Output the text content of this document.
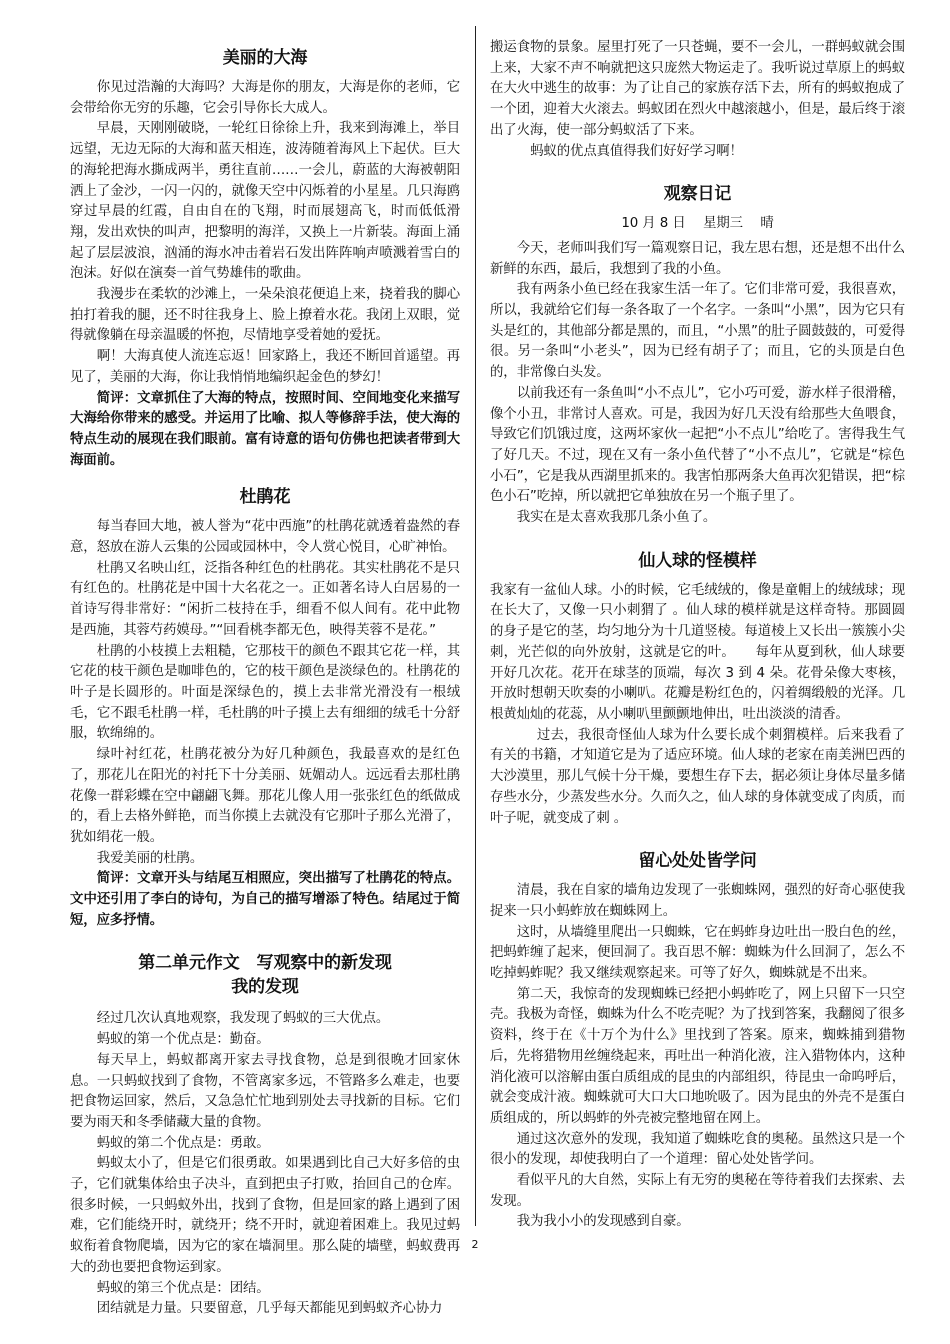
美丽的大海

你见过浩瀚的大海吗？大海是你的朋友，大海是你的老师，它会带给你无穷的乐趣，它会引导你长大成人。

早晨，天刚刚破晓，一轮红日徐徐上升，我来到海滩上，举目远望，无边无际的大海和蓝天相连，波涛随着海风上下起伏。巨大的海轮把海水撕成两半，勇往直前……一会儿，蔚蓝的大海被朝阳洒上了金沙，一闪一闪的，就像天空中闪烁着的小星星。几只海鸥穿过早晨的红霞，自由自在的飞翔，时而展翅高飞，时而低低滑翔，发出欢快的叫声，把黎明的海洋，又换上一片新装。海面上涌起了层层波浪，汹涌的海水冲击着岩石发出阵阵响声喷溅着雪白的泡沫。好似在演奏一首气势雄伟的歌曲。

我漫步在柔软的沙滩上，一朵朵浪花便追上来，挠着我的脚心拍打着我的腿，还不时往我身上、脸上撩着水花。我闭上双眼，觉得就像躺在母亲温暖的怀抱，尽情地享受着她的爱抚。

啊！大海真使人流连忘返！回家路上，我还不断回首遥望。再见了，美丽的大海，你让我悄悄地编织起金色的梦幻！

简评：文章抓住了大海的特点，按照时间、空间地变化来描写大海给你带来的感受。并运用了比喻、拟人等修辞手法，使大海的特点生动的展现在我们眼前。富有诗意的语句仿佛也把读者带到大海面前。

杜鹃花

每当春回大地，被人誉为“花中西施”的杜鹃花就透着盎然的春意，怒放在游人云集的公园或园林中，令人赏心悦目，心旷神怡。

杜鹃又名映山红，泛指各种红色的杜鹃花。其实杜鹃花不是只有红色的。杜鹃花是中国十大名花之一。正如著名诗人白居易的一首诗写得非常好：“闲折二枝持在手，细看不似人间有。花中此物是西施，其蓉芍药嫫母。”“回看桃李都无色，映得芙蓉不是花。”

杜鹃的小枝摸上去粗糙，它那枝干的颜色不跟其它花一样，其它花的枝干颜色是咖啡色的，它的枝干颜色是淡绿色的。杜鹃花的叶子是长圆形的。叶面是深绿色的，摸上去非常光滑没有一根绒毛，它不跟毛杜鹃一样，毛杜鹃的叶子摸上去有细细的绒毛十分舒服，软绵绵的。

绿叶衬红花，杜鹃花被分为好几种颜色，我最喜欢的是红色了，那花儿在阳光的衬托下十分美丽、妩媚动人。远远看去那杜鹃花像一群彩蝶在空中翩翩飞舞。那花儿像人用一张张红色的纸做成的，看上去格外鲜艳，而当你摸上去就没有它那叶子那么光滑了，犹如绢花一般。

我爱美丽的杜鹃。

简评：文章开头与结尾互相照应，突出描写了杜鹃花的特点。文中还引用了李白的诗句，为自己的描写增添了特色。结尾过于简短，应多抒情。

第二单元作文　写观察中的新发现
我的发现

经过几次认真地观察，我发现了蚂蚁的三大优点。

蚂蚁的第一个优点是：勤奋。

每天早上，蚂蚁都离开家去寻找食物，总是到很晚才回家休息。一只蚂蚁找到了食物，不管离家多远，不管路多么难走，也要把食物运回家，然后，又急急忙忙地到别处去寻找新的目标。它们要为雨天和冬季储藏大量的食物。

蚂蚁的第二个优点是：勇敢。

蚂蚁太小了，但是它们很勇敢。如果遇到比自己大好多倍的虫子，它们就集体给虫子决斗，直到把虫子打败，抬回自己的仓库。很多时候，一只蚂蚁外出，找到了食物，但是回家的路上遇到了困难，它们能绕开时，就绕开；绕不开时，就迎着困难上。我见过蚂蚁衔着食物爬墙，因为它的家在墙洞里。那么陡的墙壁，蚂蚁费再大的劲也要把食物运到家。

蚂蚁的第三个优点是：团结。

团结就是力量。只要留意，几乎每天都能见到蚂蚁齐心协力

搬运食物的景象。屋里打死了一只苍蝇，要不一会儿，一群蚂蚁就会围上来，大家不声不响就把这只庞然大物运走了。我听说过草原上的蚂蚁在大火中逃生的故事：为了让自己的家族存活下去，所有的蚂蚁抱成了一个团，迎着大火滚去。蚂蚁团在烈火中越滚越小，但是，最后终于滚出了火海，使一部分蚂蚁活了下来。

蚂蚁的优点真值得我们好好学习啊！

观察日记

10 月 8 日　 星期三　 晴

今天，老师叫我们写一篇观察日记，我左思右想，还是想不出什么新鲜的东西，最后，我想到了我的小鱼。

我有两条小鱼已经在我家生活一年了。它们非常可爱，我很喜欢，所以，我就给它们每一条各取了一个名字。一条叫“小黑”，因为它只有头是红的，其他部分都是黑的，而且，“小黑”的肚子圆鼓鼓的，可爱得很。另一条叫“小老头”，因为已经有胡子了；而且，它的头顶是白色的，非常像白头发。

以前我还有一条鱼叫“小不点儿”，它小巧可爱，游水样子很滑稽，像个小丑，非常讨人喜欢。可是，我因为好几天没有给那些大鱼喂食，导致它们饥饿过度，这两坏家伙一起把“小不点儿”给吃了。害得我生气了好几天。不过，现在又有一条小鱼代替了“小不点儿”，它就是“棕色小石”，它是我从西湖里抓来的。我害怕那两条大鱼再次犯错误，把“棕色小石”吃掉，所以就把它单独放在另一个瓶子里了。

我实在是太喜欢我那几条小鱼了。

仙人球的怪模样

我家有一盆仙人球。小的时候，它毛绒绒的，像是童帽上的绒绒球；现在长大了，又像一只小刺猬了 。仙人球的模样就是这样奇特。那圆圆的身子是它的茎，均匀地分为十几道竖棱。每道棱上又长出一簇簇小尖刺，光芒似的向外放射，这就是它的叶。　　每年从夏到秋，仙人球要开好几次花。花开在球茎的顶端，每次 3 到 4 朵。花骨朵像大枣核，开放时想朝天吹奏的小喇叭。花瓣是粉红色的，闪着绸缎般的光泽。几根黄灿灿的花蕊，从小喇叭里颤颤地伸出，吐出淡淡的清香。

过去，我很奇怪仙人球为什么要长成个刺猬模样。后来我看了有关的书籍，才知道它是为了适应环境。仙人球的老家在南美洲巴西的大沙漠里，那儿气候十分干燥，要想生存下去，据必须让身体尽量多储存些水分，少蒸发些水分。久而久之，仙人球的身体就变成了肉质，而叶子呢，就变成了刺 。

留心处处皆学问

清晨，我在自家的墙角边发现了一张蜘蛛网，强烈的好奇心驱使我捉来一只小蚂蚱放在蜘蛛网上。

这时，从墙缝里爬出一只蜘蛛，它在蚂蚱身边吐出一股白色的丝，把蚂蚱缠了起来，便回洞了。我百思不解：蜘蛛为什么回洞了，怎么不吃掉蚂蚱呢？我又继续观察起来。可等了好久，蜘蛛就是不出来。

第二天，我惊奇的发现蜘蛛已经把小蚂蚱吃了，网上只留下一只空壳。我极为奇怪，蜘蛛为什么不吃壳呢？为了找到答案，我翻阅了很多资料，终于在《十万个为什么》里找到了答案。原来，蜘蛛捕到猎物后，先将猎物用丝缠绕起来，再吐出一种消化液，注入猎物体内，这种消化液可以溶解由蛋白质组成的昆虫的内部组织，待昆虫一命呜呼后，就会变成汁液。蜘蛛就可大口大口地吮吸了。因为昆虫的外壳不是蛋白质组成的，所以蚂蚱的外壳被完整地留在网上。

通过这次意外的发现，我知道了蜘蛛吃食的奥秘。虽然这只是一个很小的发现，却使我明白了一个道理：留心处处皆学问。

看似平凡的大自然，实际上有无穷的奥秘在等待着我们去探索、去发现。

我为我小小的发现感到自豪。

2
